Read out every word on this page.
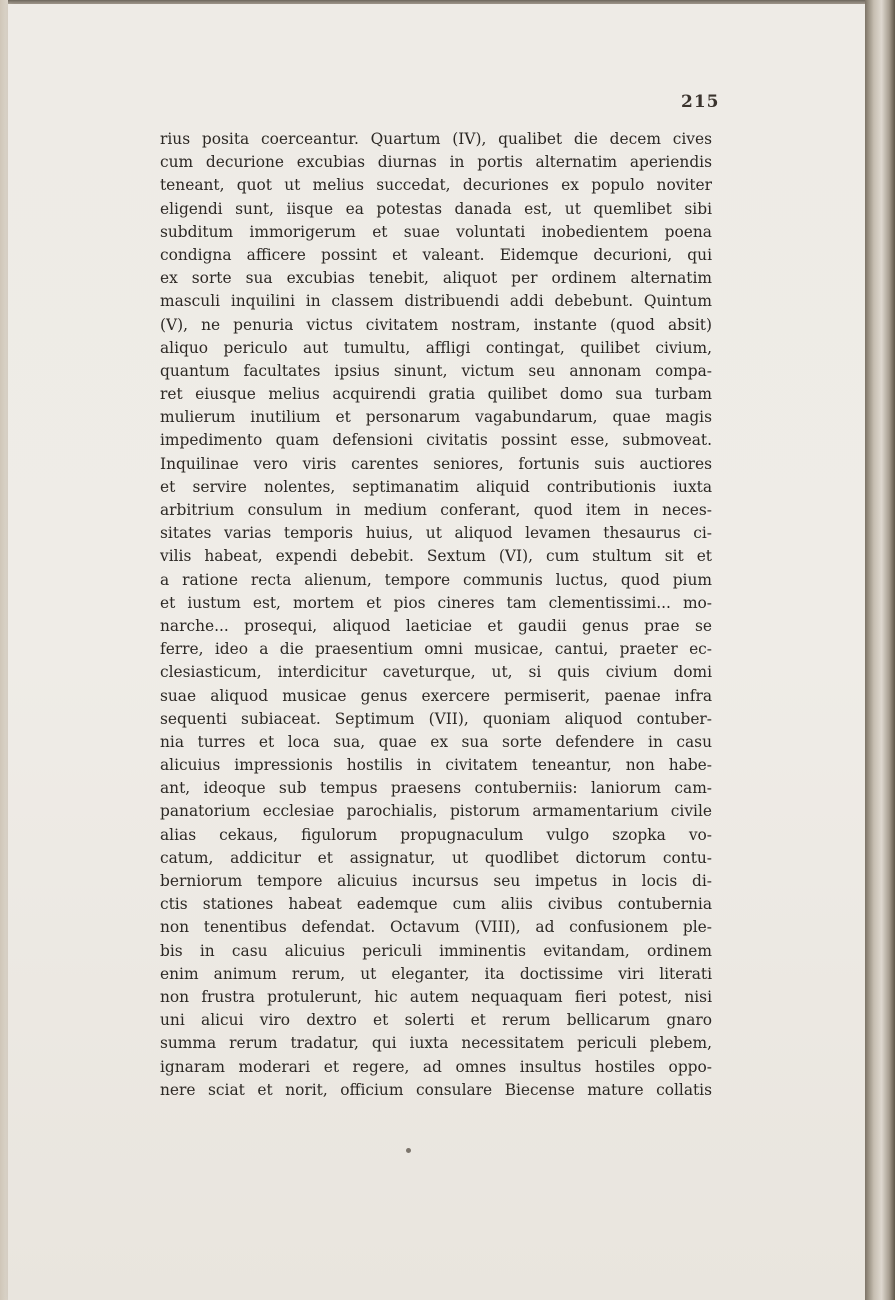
215
rius posita coerceantur. Quartum (IV), qualibet die decem cives
cum decurione excubias diurnas in portis alternatim aperiendis
teneant, quot ut melius succedat, decuriones ex populo noviter
eligendi sunt, iisque ea potestas danada est, ut quemlibet sibi
subditum immorigerum et suae voluntati inobedientem poena
condigna afficere possint et valeant. Eidemque decurioni, qui
ex sorte sua excubias tenebit, aliquot per ordinem alternatim
masculi inquilini in classem distribuendi addi debebunt. Quintum
(V), ne penuria victus civitatem nostram, instante (quod absit)
aliquo periculo aut tumultu, affligi contingat, quilibet civium,
quantum facultates ipsius sinunt, victum seu annonam compa-
ret eiusque melius acquirendi gratia quilibet domo sua turbam
mulierum inutilium et personarum vagabundarum, quae magis
impedimento quam defensioni civitatis possint esse, submoveat.
Inquilinae vero viris carentes seniores, fortunis suis auctiores
et servire nolentes, septimanatim aliquid contributionis iuxta
arbitrium consulum in medium conferant, quod item in neces-
sitates varias temporis huius, ut aliquod levamen thesaurus ci-
vilis habeat, expendi debebit. Sextum (VI), cum stultum sit et
a ratione recta alienum, tempore communis luctus, quod pium
et iustum est, mortem et pios cineres tam clementissimi... mo-
narche... prosequi, aliquod laeticiae et gaudii genus prae se
ferre, ideo a die praesentium omni musicae, cantui, praeter ec-
clesiasticum, interdicitur caveturque, ut, si quis civium domi
suae aliquod musicae genus exercere permiserit, paenae infra
sequenti subiaceat. Septimum (VII), quoniam aliquod contuber-
nia turres et loca sua, quae ex sua sorte defendere in casu
alicuius impressionis hostilis in civitatem teneantur, non habe-
ant, ideoque sub tempus praesens contuberniis: laniorum cam-
panatorium ecclesiae parochialis, pistorum armamentarium civile
alias cekaus, figulorum propugnaculum vulgo szopka vo-
catum, addicitur et assignatur, ut quodlibet dictorum contu-
berniorum tempore alicuius incursus seu impetus in locis di-
ctis stationes habeat eademque cum aliis civibus contubernia
non tenentibus defendat. Octavum (VIII), ad confusionem ple-
bis in casu alicuius periculi imminentis evitandam, ordinem
enim animum rerum, ut eleganter, ita doctissime viri literati
non frustra protulerunt, hic autem nequaquam fieri potest, nisi
uni alicui viro dextro et solerti et rerum bellicarum gnaro
summa rerum tradatur, qui iuxta necessitatem periculi plebem,
ignaram moderari et regere, ad omnes insultus hostiles oppo-
nere sciat et norit, officium consulare Biecense mature collatis
